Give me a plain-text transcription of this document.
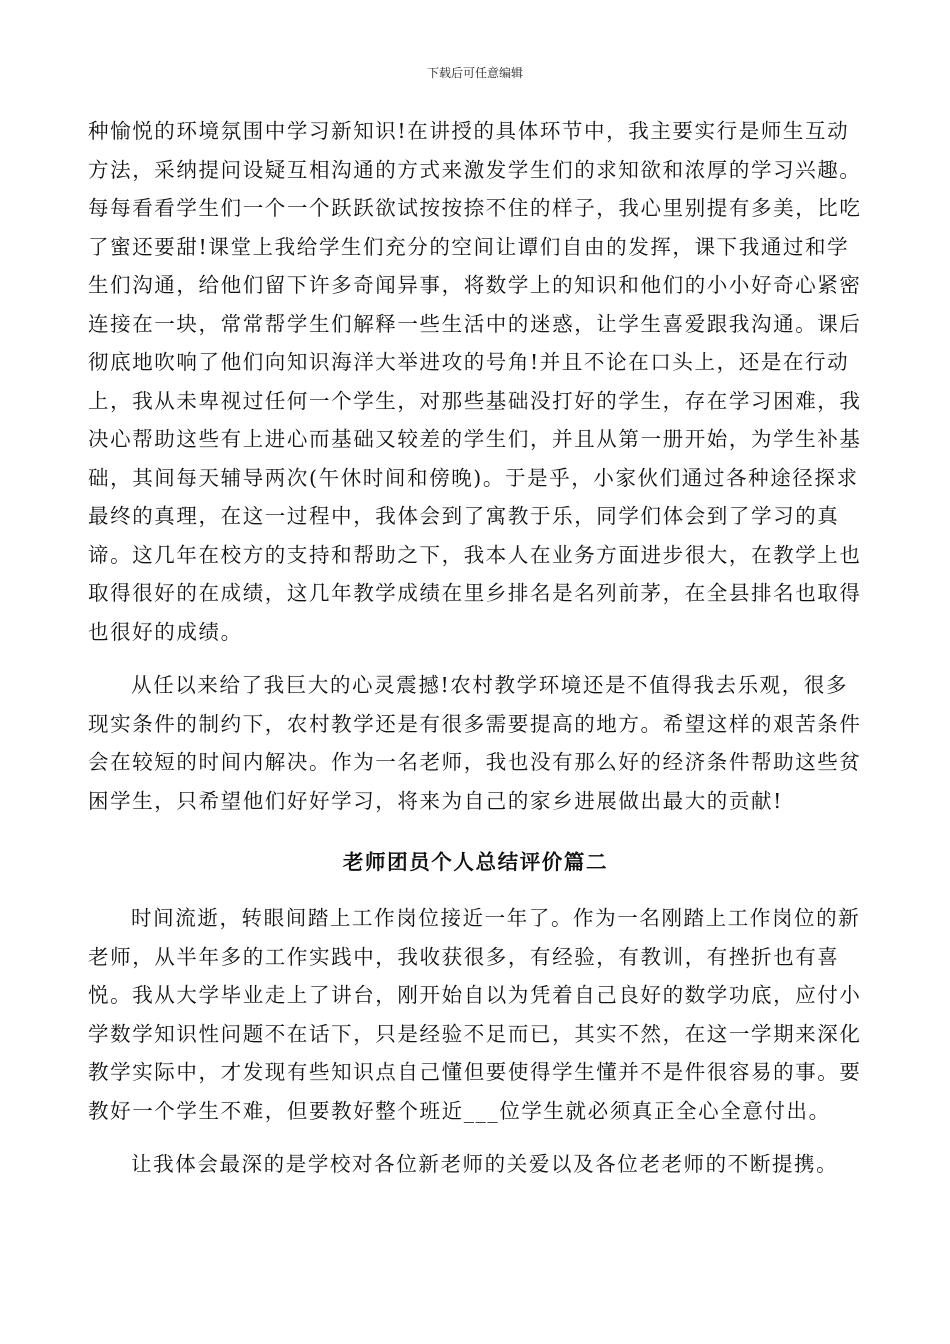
下载后可任意编辑

种愉悦的环境氛围中学习新知识!在讲授的具体环节中，我主要实行是师生互动方法，采纳提问设疑互相沟通的方式来激发学生们的求知欲和浓厚的学习兴趣。每每看看学生们一个一个跃跃欲试按按捺不住的样子，我心里别提有多美，比吃了蜜还要甜!课堂上我给学生们充分的空间让谭们自由的发挥，课下我通过和学生们沟通，给他们留下许多奇闻异事，将数学上的知识和他们的小小好奇心紧密连接在一块，常常帮学生们解释一些生活中的迷惑，让学生喜爱跟我沟通。课后彻底地吹响了他们向知识海洋大举进攻的号角!并且不论在口头上，还是在行动上，我从未卑视过任何一个学生，对那些基础没打好的学生，存在学习困难，我决心帮助这些有上进心而基础又较差的学生们，并且从第一册开始，为学生补基础，其间每天辅导两次(午休时间和傍晚)。于是乎，小家伙们通过各种途径探求最终的真理，在这一过程中，我体会到了寓教于乐，同学们体会到了学习的真谛。这几年在校方的支持和帮助之下，我本人在业务方面进步很大，在教学上也取得很好的在成绩，这几年教学成绩在里乡排名是名列前茅，在全县排名也取得也很好的成绩。

从任以来给了我巨大的心灵震撼!农村教学环境还是不值得我去乐观，很多现实条件的制约下，农村教学还是有很多需要提高的地方。希望这样的艰苦条件会在较短的时间内解决。作为一名老师，我也没有那么好的经济条件帮助这些贫困学生，只希望他们好好学习，将来为自己的家乡进展做出最大的贡献!

老师团员个人总结评价篇二

时间流逝，转眼间踏上工作岗位接近一年了。作为一名刚踏上工作岗位的新老师，从半年多的工作实践中，我收获很多，有经验，有教训，有挫折也有喜悦。我从大学毕业走上了讲台，刚开始自以为凭着自己良好的数学功底，应付小学数学知识性问题不在话下，只是经验不足而已，其实不然，在这一学期来深化教学实际中，才发现有些知识点自己懂但要使得学生懂并不是件很容易的事。要教好一个学生不难，但要教好整个班近___位学生就必须真正全心全意付出。

让我体会最深的是学校对各位新老师的关爱以及各位老老师的不断提携。
